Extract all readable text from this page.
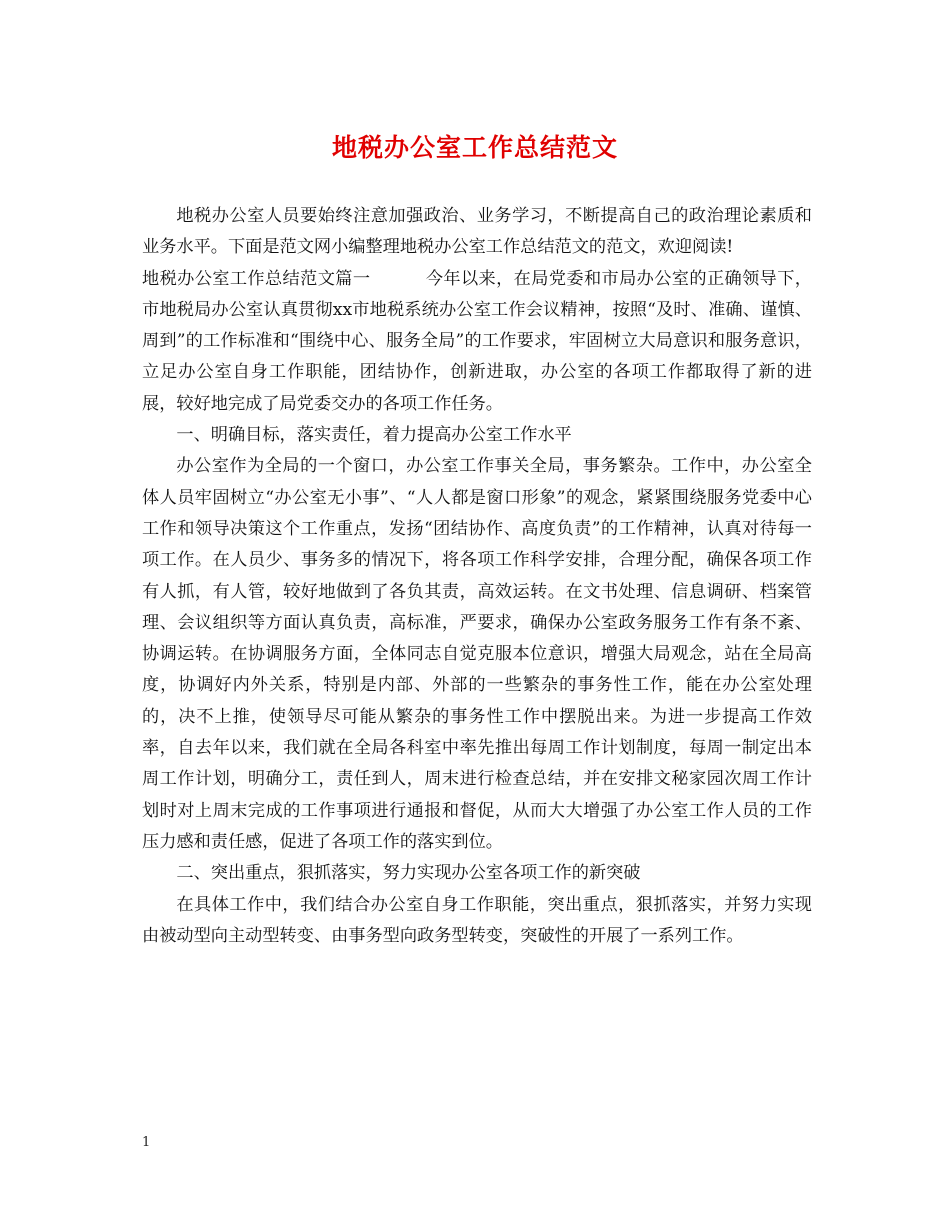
地税办公室工作总结范文

地税办公室人员要始终注意加强政治、业务学习，不断提高自己的政治理论素质和业务水平。下面是范文网小编整理地税办公室工作总结范文的范文，欢迎阅读!

地税办公室工作总结范文篇一	今年以来，在局党委和市局办公室的正确领导下，市地税局办公室认真贯彻xx市地税系统办公室工作会议精神，按照“及时、准确、谨慎、周到”的工作标准和“围绕中心、服务全局”的工作要求，牢固树立大局意识和服务意识，立足办公室自身工作职能，团结协作，创新进取，办公室的各项工作都取得了新的进展，较好地完成了局党委交办的各项工作任务。

一、明确目标，落实责任，着力提高办公室工作水平

办公室作为全局的一个窗口，办公室工作事关全局，事务繁杂。工作中，办公室全体人员牢固树立“办公室无小事”、“人人都是窗口形象”的观念，紧紧围绕服务党委中心工作和领导决策这个工作重点，发扬“团结协作、高度负责”的工作精神，认真对待每一项工作。在人员少、事务多的情况下，将各项工作科学安排，合理分配，确保各项工作有人抓，有人管，较好地做到了各负其责，高效运转。在文书处理、信息调研、档案管理、会议组织等方面认真负责，高标准，严要求，确保办公室政务服务工作有条不紊、协调运转。在协调服务方面，全体同志自觉克服本位意识，增强大局观念，站在全局高度，协调好内外关系，特别是内部、外部的一些繁杂的事务性工作，能在办公室处理的，决不上推，使领导尽可能从繁杂的事务性工作中摆脱出来。为进一步提高工作效率，自去年以来，我们就在全局各科室中率先推出每周工作计划制度，每周一制定出本周工作计划，明确分工，责任到人，周末进行检查总结，并在安排文秘家园次周工作计划时对上周末完成的工作事项进行通报和督促，从而大大增强了办公室工作人员的工作压力感和责任感，促进了各项工作的落实到位。

二、突出重点，狠抓落实，努力实现办公室各项工作的新突破

在具体工作中，我们结合办公室自身工作职能，突出重点，狠抓落实，并努力实现由被动型向主动型转变、由事务型向政务型转变，突破性的开展了一系列工作。

1
